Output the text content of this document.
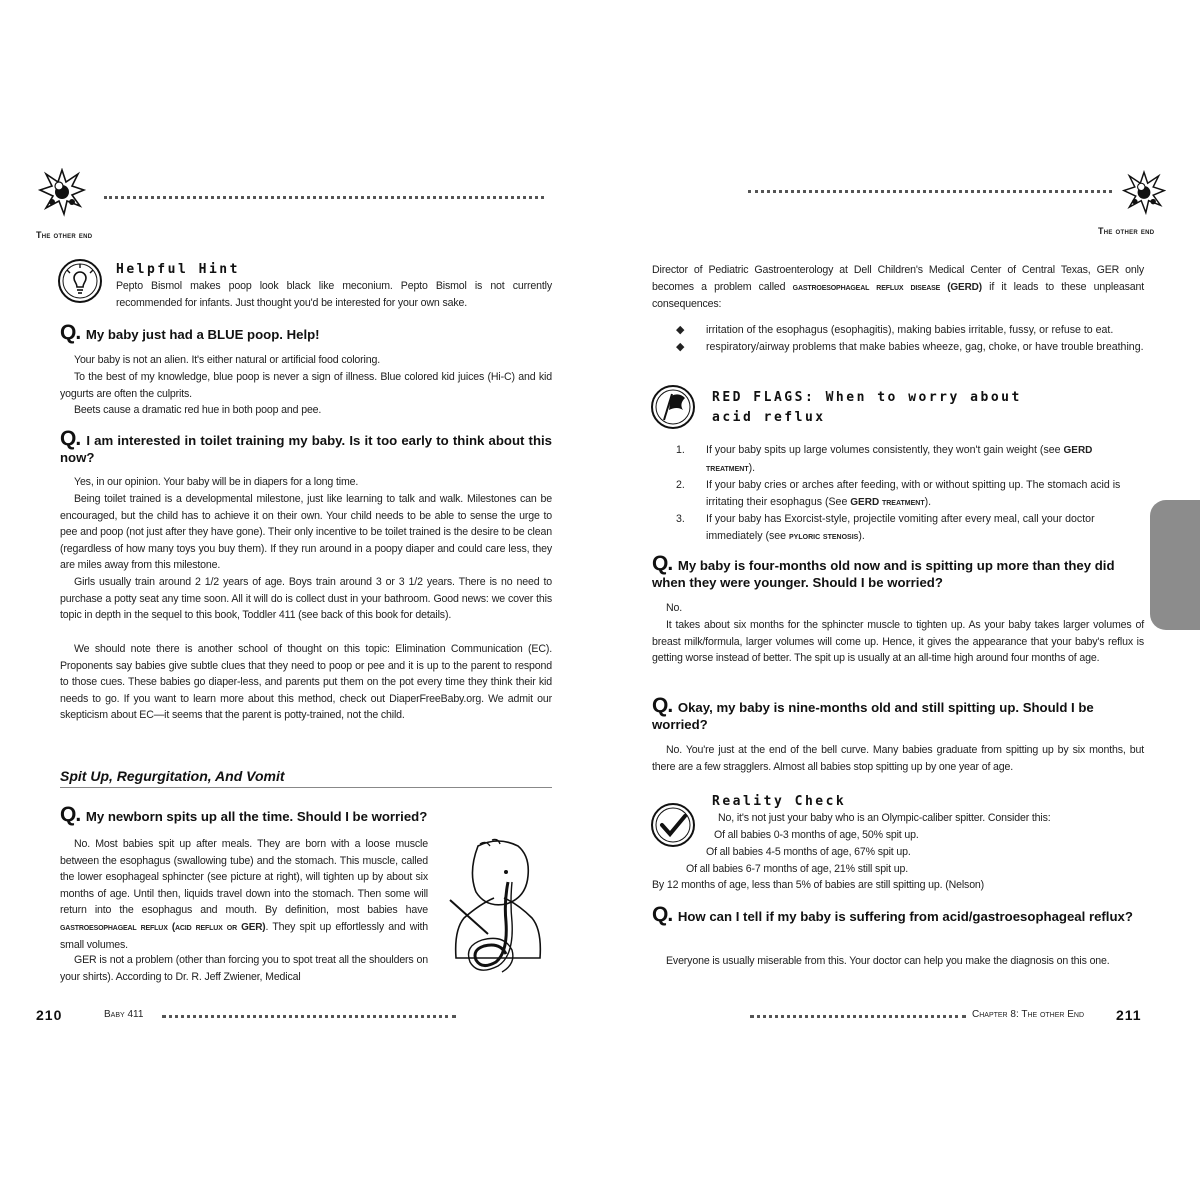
The other end
Helpful Hint

Pepto Bismol makes poop look black like meconium. Pepto Bismol is not currently recommended for infants. Just thought you'd be interested for your own sake.

Q. My baby just had a BLUE poop. Help!

Your baby is not an alien. It's either natural or artificial food coloring.

To the best of my knowledge, blue poop is never a sign of illness. Blue colored kid juices (Hi-C) and kid yogurts are often the culprits.

Beets cause a dramatic red hue in both poop and pee.

Q. I am interested in toilet training my baby. Is it too early to think about this now?

Yes, in our opinion. Your baby will be in diapers for a long time.

Being toilet trained is a developmental milestone, just like learning to talk and walk. Milestones can be encouraged, but the child has to achieve it on their own. Your child needs to be able to sense the urge to pee and poop (not just after they have gone). Their only incentive to be toilet trained is the desire to be clean (regardless of how many toys you buy them). If they run around in a poopy diaper and could care less, they are miles away from this milestone.

Girls usually train around 2 1/2 years of age. Boys train around 3 or 3 1/2 years. There is no need to purchase a potty seat any time soon. All it will do is collect dust in your bathroom. Good news: we cover this topic in depth in the sequel to this book, Toddler 411 (see back of this book for details).

We should note there is another school of thought on this topic: Elimination Communication (EC). Proponents say babies give subtle clues that they need to poop or pee and it is up to the parent to respond to those cues. These babies go diaper-less, and parents put them on the pot every time they think their kid needs to go. If you want to learn more about this method, check out DiaperFreeBaby.org. We admit our skepticism about EC—it seems that the parent is potty-trained, not the child.

Spit Up, Regurgitation, And Vomit
Q. My newborn spits up all the time. Should I be worried?

No. Most babies spit up after meals. They are born with a loose muscle between the esophagus (swallowing tube) and the stomach. This muscle, called the lower esophageal sphincter (see picture at right), will tighten up by about six months of age. Until then, liquids travel down into the stomach. Then some will return into the esophagus and mouth. By definition, most babies have gastroesophageal reflux (acid reflux or GER). They spit up effortlessly and with small volumes.

GER is not a problem (other than forcing you to spot treat all the shoulders on your shirts). According to Dr. R. Jeff Zwiener, Medical

210	Baby 411
The other end

Director of Pediatric Gastroenterology at Dell Children's Medical Center of Central Texas, GER only becomes a problem called gastroesophageal reflux disease (GERD) if it leads to these unpleasant consequences:

◆ irritation of the esophagus (esophagitis), making babies irritable, fussy, or refuse to eat.
◆ respiratory/airway problems that make babies wheeze, gag, choke, or have trouble breathing.
RED FLAGS: When to worry about
acid reflux
1. If your baby spits up large volumes consistently, they won't gain weight (see GERD treatment).
2. If your baby cries or arches after feeding, with or without spitting up. The stomach acid is irritating their esophagus (See GERD treatment).
3. If your baby has Exorcist-style, projectile vomiting after every meal, call your doctor immediately (see pyloric stenosis).
Q. My baby is four-months old now and is spitting up more than they did when they were younger. Should I be worried?

No.

It takes about six months for the sphincter muscle to tighten up. As your baby takes larger volumes of breast milk/formula, larger volumes will come up. Hence, it gives the appearance that your baby's reflux is getting worse instead of better. The spit up is usually at an all-time high around four months of age.

Q. Okay, my baby is nine-months old and still spitting up. Should I be worried?

No. You're just at the end of the bell curve. Many babies graduate from spitting up by six months, but there are a few stragglers. Almost all babies stop spitting up by one year of age.

Reality Check

No, it's not just your baby who is an Olympic-caliber spitter. Consider this:

Of all babies 0-3 months of age, 50% spit up.

Of all babies 4-5 months of age, 67% spit up.

Of all babies 6-7 months of age, 21% still spit up.

By 12 months of age, less than 5% of babies are still spitting up. (Nelson)

Q. How can I tell if my baby is suffering from acid/gastroesophageal reflux?

Everyone is usually miserable from this. Your doctor can help you make the diagnosis on this one.

Chapter 8: The other End 211
